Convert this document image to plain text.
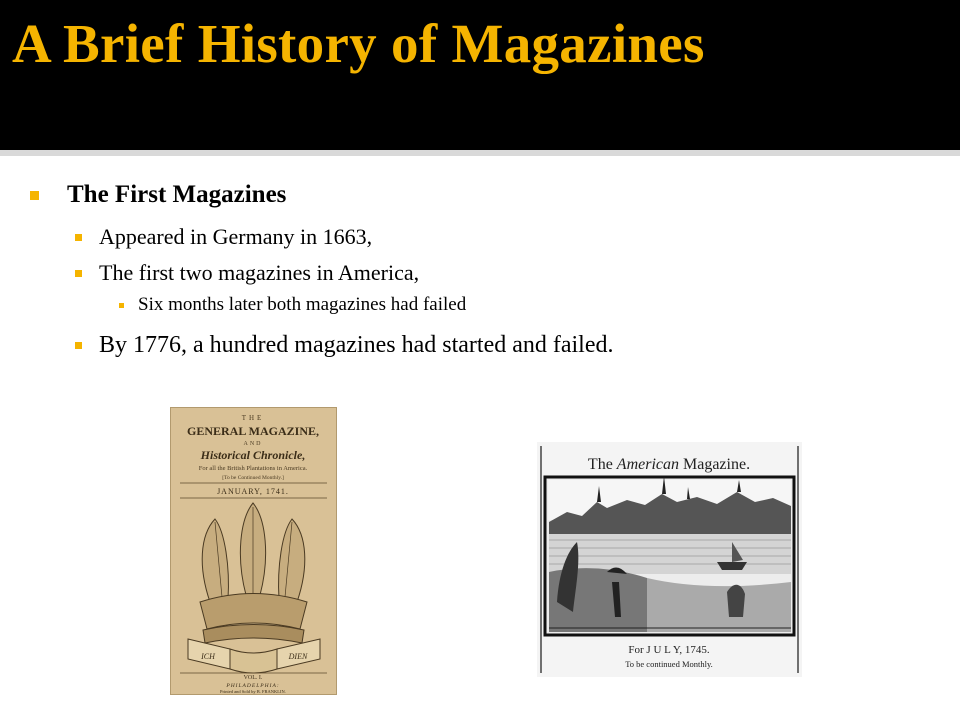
A Brief History of Magazines
The First Magazines
Appeared in Germany in 1663,
The first two magazines in America,
Six months later both magazines had failed
By 1776, a hundred magazines had started and failed.
THE
GENERAL MAGAZINE,
AND
Historical Chronicle,
For all the British Plantations in America.
[To be Continued Monthly.]
JANUARY, 1741.
ICH	DIEN
VOL. I.
PHILADELPHIA:
Printed and Sold by B. FRANKLIN.
The American Magazine.
For J U L Y, 1745.
To be continued Monthly.
